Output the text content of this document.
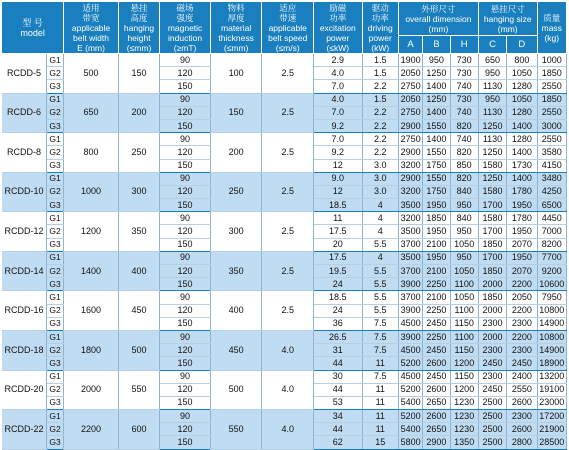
型 号
model		适用
带宽
applicable
belt width
E (mm)	悬挂
高度
hanging
height
(≤mm)	磁场
强度
magnetic
induction
(≥mT)	物料
厚度
material
thickness
(≤mm)	适应
带速
applicable
belt speed
(≤m/s)	励磁
功率
excitation
power
(≤kW)	驱动
功率
driving
power
(kW)	外形尺寸
overall dimension
(mm)			悬挂尺寸
hanging size
(mm)		质量
mass
(kg)

									A	B	H	C	D	
RCDD-5	G1	500	150	90	100	2.5	2.9	1.5	1900	950	730	650	800	1000
	G2			120			4.0	1.5	2050	1250	730	950	1050	1850
	G3			150			7.0	2.2	2750	1400	740	1130	1280	2550
RCDD-6	G1	650	200	90	150	2.5	4.0	1.5	2050	1250	730	950	1050	1850
	G2			120			7.0	2.2	2750	1400	740	1130	1280	2550
	G3			150			9.2	2.2	2900	1550	820	1250	1400	3000
RCDD-8	G1	800	250	90	200	2.5	7.0	2.2	2750	1400	740	1130	1280	2550
	G2			120			9.2	2.2	2900	1550	820	1250	1400	3580
	G3			150			12	3.0	3200	1750	850	1580	1730	4150
RCDD-10	G1	1000	300	90	250	2.5	9.0	3.0	2900	1550	820	1250	1400	3480
	G2			120			12	3.0	3200	1750	840	1580	1780	4250
	G3			150			18.5	4	3500	1950	950	1700	1950	6500
RCDD-12	G1	1200	350	90	300	2.5	11	4	3200	1850	840	1580	1780	4450
	G2			120			17.5	4	3500	1950	950	1700	1950	7000
	G3			150			20	5.5	3700	2100	1050	1850	2070	8200
RCDD-14	G1	1400	400	90	350	2.5	17.5	4	3500	1950	950	1700	1950	7700
	G2			120			19.5	5.5	3700	2100	1050	1850	2070	9200
	G3			150			24	5.5	3900	2250	1100	2000	2200	10600
RCDD-16	G1	1600	450	90	400	2.5	18.5	5.5	3700	2100	1050	1850	2050	7950
	G2			120			24	5.5	3900	2250	1100	2000	2200	10800
	G3			150			36	7.5	4500	2450	1150	2300	2300	14900
RCDD-18	G1	1800	500	90	450	4.0	26.5	7.5	3900	2250	1100	2000	2200	10800
	G2			120			31	7.5	4500	2450	1150	2300	2300	14900
	G3			150			44	11	5200	2600	1200	2450	2450	18900
RCDD-20	G1	2000	550	90	500	4.0	30	7.5	4500	2450	1150	2300	2400	13200
	G2			120			44	11	5200	2600	1200	2450	2550	19100
	G3			150			53	11	5400	2650	1230	2500	2600	23000
RCDD-22	G1	2200	600	90	550	4.0	34	11	5200	2600	1230	2500	2300	17200
	G2			120			44	11	5400	2650	1230	2500	2600	21900
	G3			150			62	15	5800	2900	1350	2500	2800	28500
